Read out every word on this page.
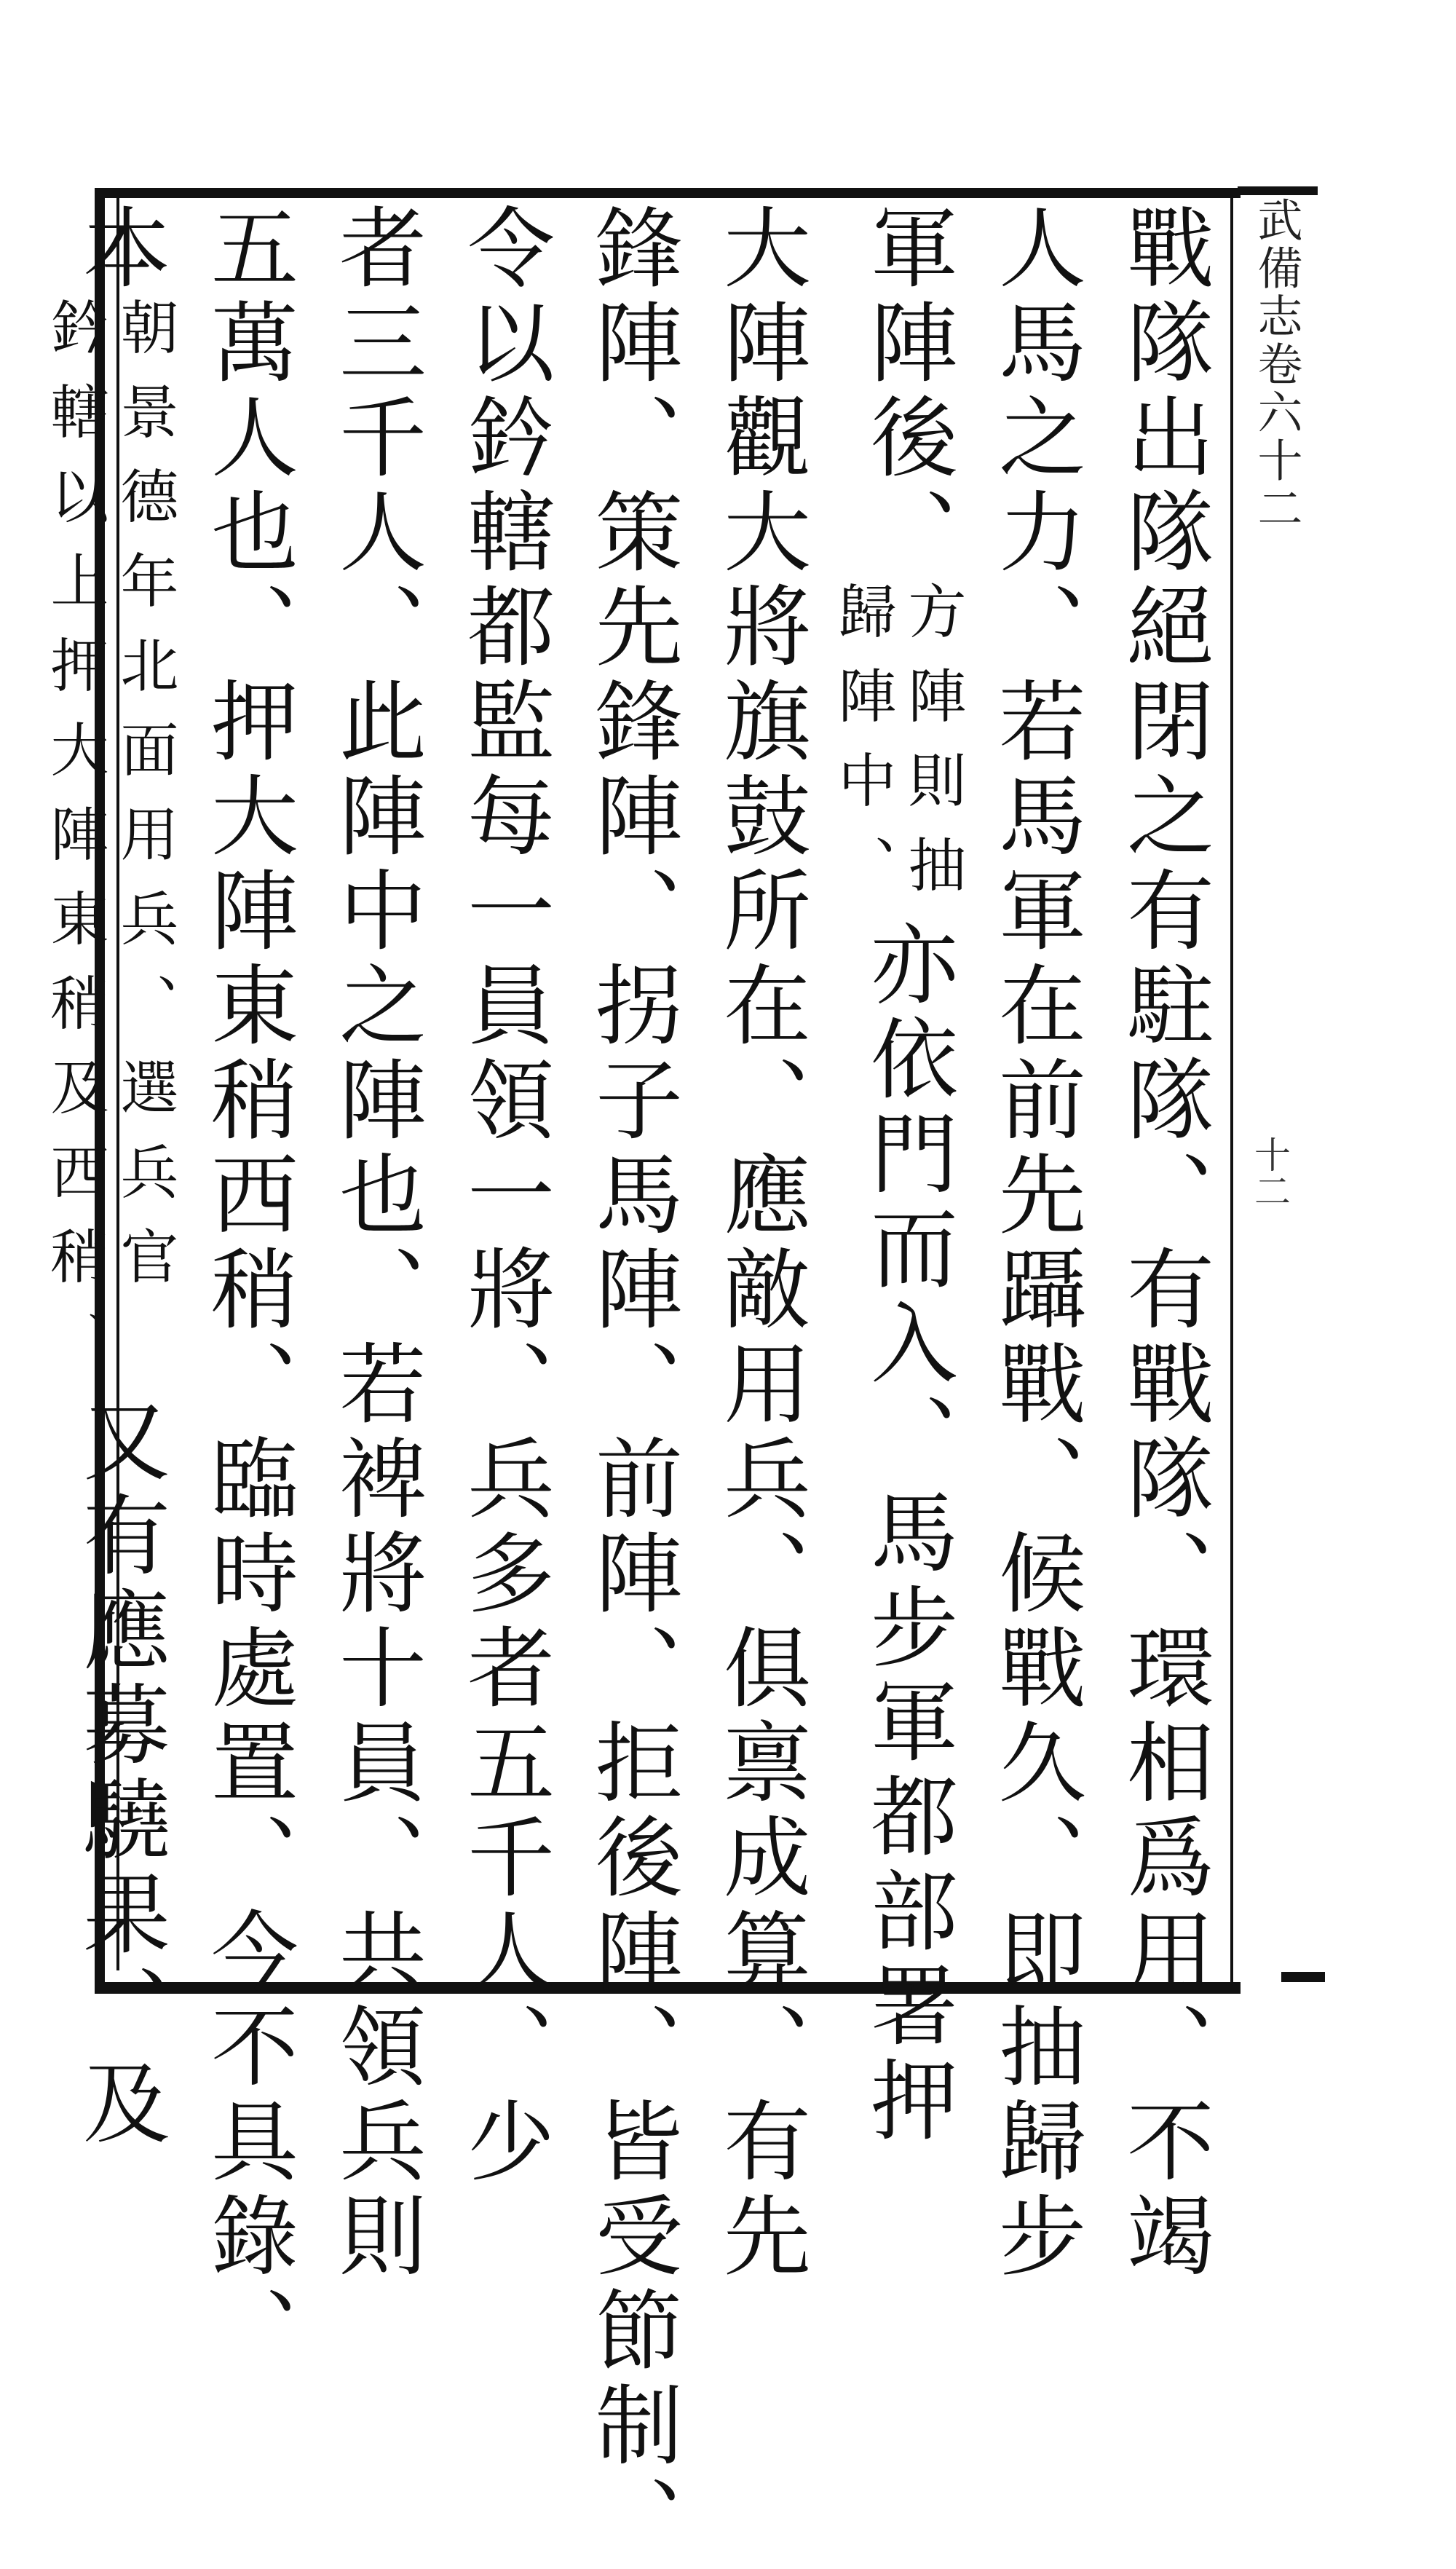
武備志卷六十二
十二
戰隊出隊絕閉之有駐隊、有戰隊、環相爲用、不竭
人馬之力、若馬軍在前先躡戰、候戰久、即抽歸步
軍陣後、
方陣則抽
歸陣中、
亦依門而入、馬步軍都部署押
大陣觀大將旗鼓所在、應敵用兵、俱禀成算、有先
鋒陣、策先鋒陣、拐子馬陣、前陣、拒後陣、皆受節制、
令以鈐轄都監每一員領一將、兵多者五千人、少
者三千人、此陣中之陣也、若裨將十員、共領兵則
五萬人也、押大陣東稍西稍、臨時處置、今不具錄、
本
朝景德年北面用兵、選兵官
鈐轄以上押大陣東稍及西稍、
又有應募驍果、及
